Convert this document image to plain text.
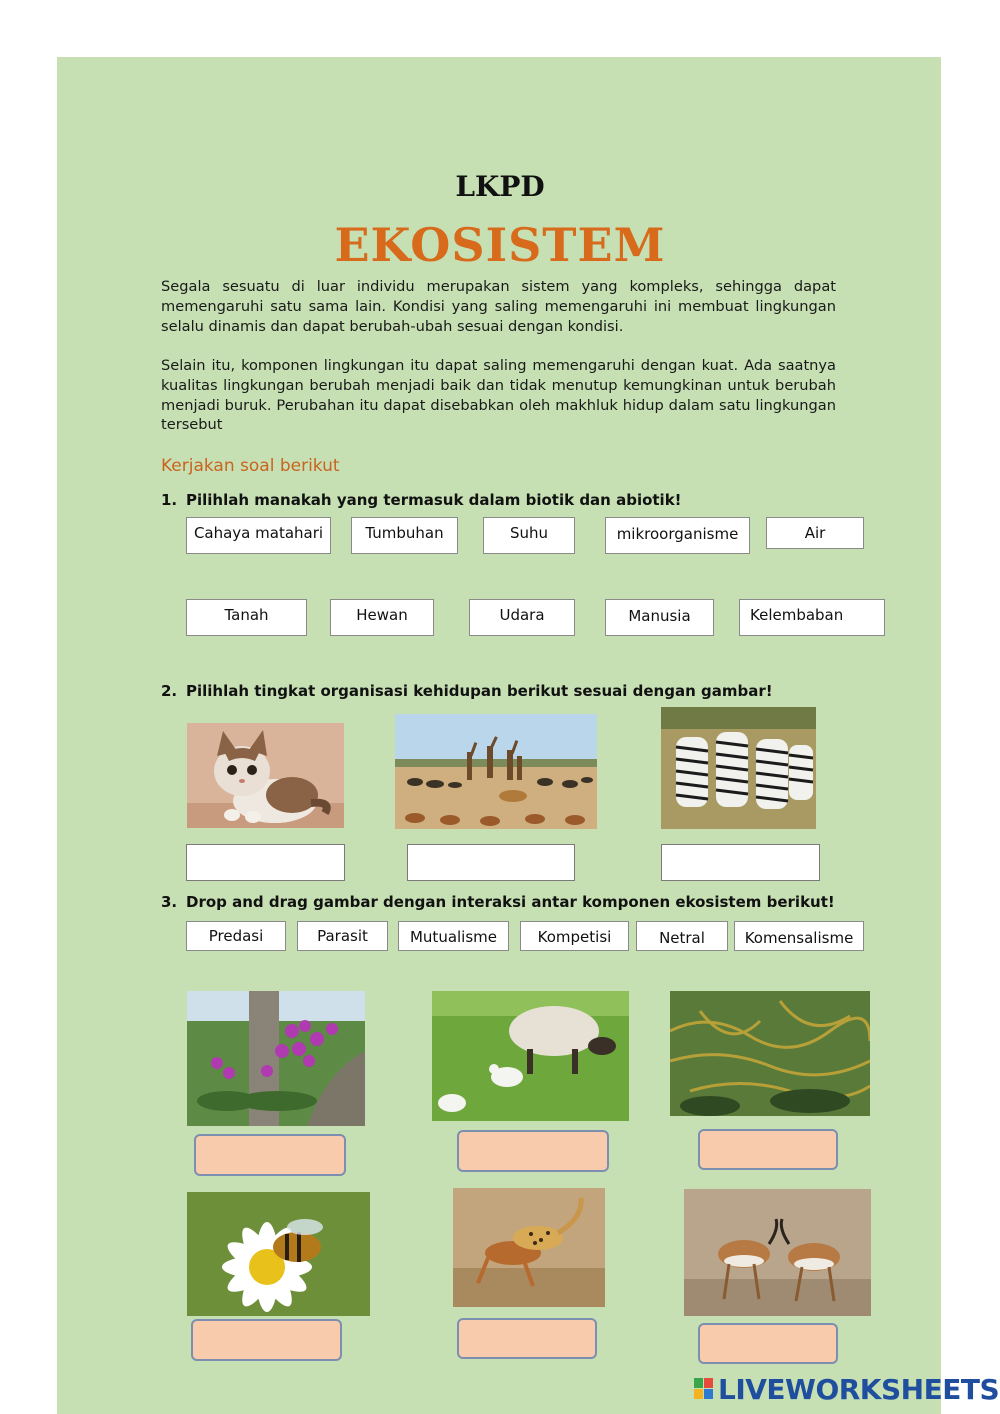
LKPD
EKOSISTEM
Segala sesuatu di luar individu merupakan sistem yang kompleks, sehingga dapat memengaruhi satu sama lain. Kondisi yang saling memengaruhi ini membuat lingkungan selalu dinamis dan dapat berubah-ubah sesuai dengan kondisi.
Selain itu, komponen lingkungan itu dapat saling memengaruhi dengan kuat. Ada saatnya kualitas lingkungan berubah menjadi baik dan tidak menutup kemungkinan untuk berubah menjadi buruk. Perubahan itu dapat disebabkan oleh makhluk hidup dalam satu lingkungan tersebut
Kerjakan soal berikut
1. Pilihlah manakah yang termasuk dalam biotik dan abiotik!
Cahaya matahari	Tumbuhan	Suhu	mikroorganisme	Air
Tanah	Hewan	Udara	Manusia	Kelembaban
2. Pilihlah tingkat organisasi kehidupan berikut sesuai dengan gambar!
3. Drop and drag gambar dengan interaksi antar komponen ekosistem berikut!
Predasi	Parasit	Mutualisme	Kompetisi	Netral	Komensalisme
LIVEWORKSHEETS
